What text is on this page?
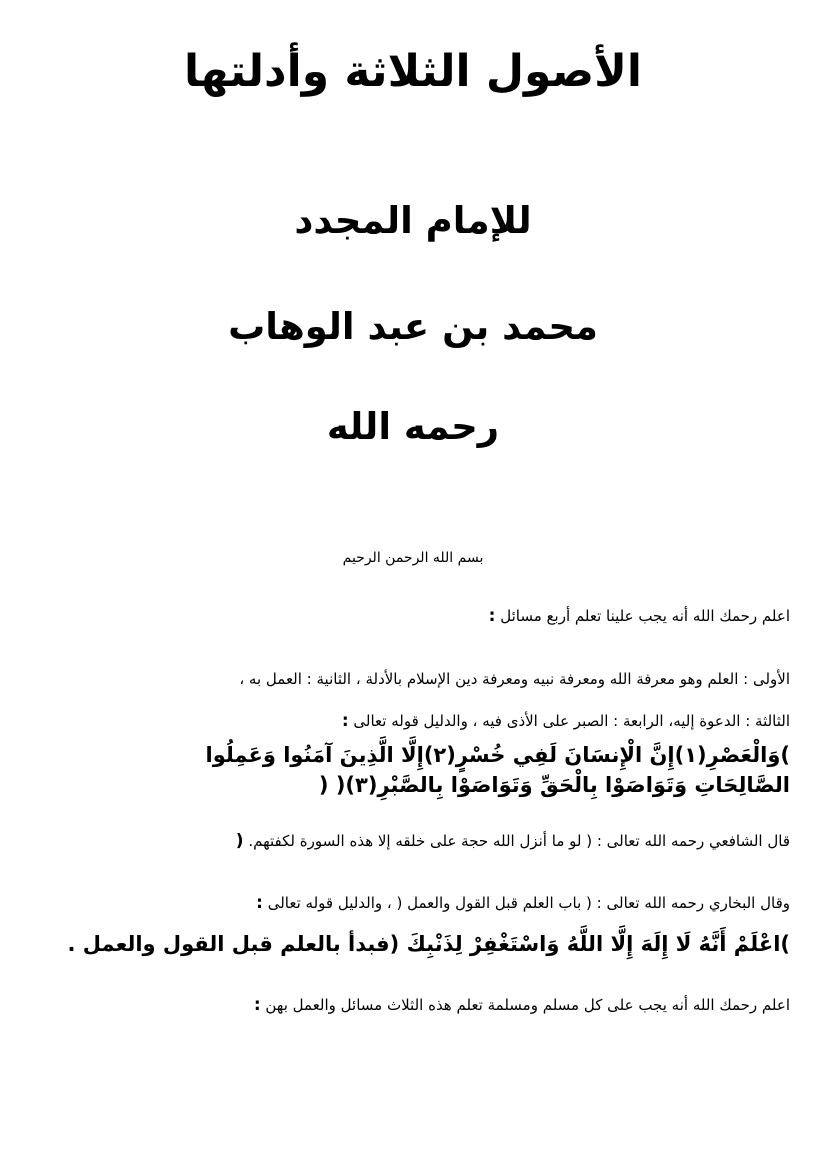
الأصول الثلاثة وأدلتها
للإمام المجدد
محمد بن عبد الوهاب
رحمه الله
بسم الله الرحمن الرحيم
اعلم رحمك الله أنه يجب علينا تعلم أربع مسائل :
الأولى : العلم وهو معرفة الله ومعرفة نبيه ومعرفة دين الإسلام بالأدلة ، الثانية : العمل به ،
الثالثة : الدعوة إليه، الرابعة : الصبر على الأذى فيه ، والدليل قوله تعالى :
)وَالْعَصْرِ(١)إِنَّ الْإِنسَانَ لَفِي خُسْرٍ(٢)إِلَّا الَّذِينَ آمَنُوا وَعَمِلُوا
الصَّالِحَاتِ وَتَوَاصَوْا بِالْحَقِّ وَتَوَاصَوْا بِالصَّبْرِ(٣)( (
قال الشافعي رحمه الله تعالى : ( لو ما أنزل الله حجة على خلقه إلا هذه السورة لكفتهم. (
وقال البخاري رحمه الله تعالى : ( باب العلم قبل القول والعمل ( ، والدليل قوله تعالى :
)اعْلَمْ أَنَّهُ لَا إِلَهَ إِلَّا اللَّهُ وَاسْتَغْفِرْ لِذَنْبِكَ (فبدأ بالعلم قبل القول والعمل .
اعلم رحمك الله أنه يجب على كل مسلم ومسلمة تعلم هذه الثلاث مسائل والعمل بهن :
